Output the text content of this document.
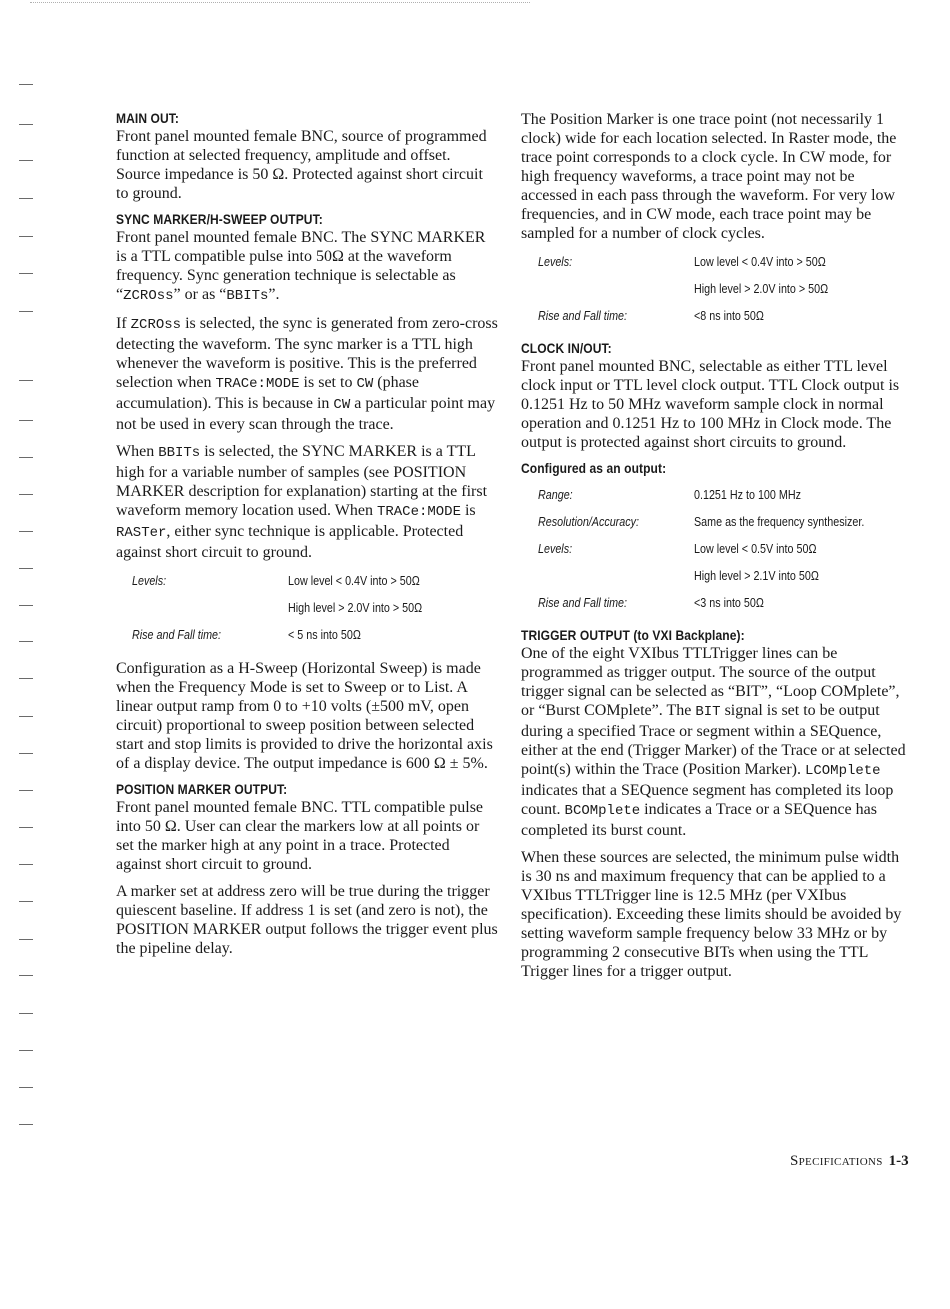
MAIN OUT:

Front panel mounted female BNC, source of programmed function at selected frequency, amplitude and offset. Source impedance is 50 Ω. Protected against short circuit to ground.

SYNC MARKER/H-SWEEP OUTPUT:

Front panel mounted female BNC. The SYNC MARKER is a TTL compatible pulse into 50Ω at the waveform frequency. Sync generation technique is selectable as “ZCROss” or as “BBITs”.

If ZCROss is selected, the sync is generated from zero-cross detecting the waveform. The sync marker is a TTL high whenever the waveform is positive. This is the preferred selection when TRACe:MODE is set to CW (phase accumulation). This is because in CW a particular point may not be used in every scan through the trace.

When BBITs is selected, the SYNC MARKER is a TTL high for a variable number of samples (see POSITION MARKER description for explanation) starting at the first waveform memory location used. When TRACe:MODE is RASTer, either sync technique is applicable. Protected against short circuit to ground.

Levels:	Low level < 0.4V into > 50Ω
High level > 2.0V into > 50Ω
Rise and Fall time:	< 5 ns into 50Ω

Configuration as a H-Sweep (Horizontal Sweep) is made when the Frequency Mode is set to Sweep or to List. A linear output ramp from 0 to +10 volts (±500 mV, open circuit) proportional to sweep position between selected start and stop limits is provided to drive the horizontal axis of a display device. The output impedance is 600 Ω ± 5%.

POSITION MARKER OUTPUT:

Front panel mounted female BNC. TTL compatible pulse into 50 Ω. User can clear the markers low at all points or set the marker high at any point in a trace. Protected against short circuit to ground.

A marker set at address zero will be true during the trigger quiescent baseline. If address 1 is set (and zero is not), the POSITION MARKER output follows the trigger event plus the pipeline delay.

The Position Marker is one trace point (not necessarily 1 clock) wide for each location selected. In Raster mode, the trace point corresponds to a clock cycle. In CW mode, for high frequency waveforms, a trace point may not be accessed in each pass through the waveform. For very low frequencies, and in CW mode, each trace point may be sampled for a number of clock cycles.

Levels:	Low level < 0.4V into > 50Ω
High level > 2.0V into > 50Ω
Rise and Fall time:	<8 ns into 50Ω
CLOCK IN/OUT:

Front panel mounted BNC, selectable as either TTL level clock input or TTL level clock output. TTL Clock output is 0.1251 Hz to 50 MHz waveform sample clock in normal operation and 0.1251 Hz to 100 MHz in Clock mode. The output is protected against short circuits to ground.

Configured as an output:
Range:	0.1251 Hz to 100 MHz
Resolution/Accuracy:	Same as the frequency synthesizer.
Levels:	Low level < 0.5V into 50Ω
High level > 2.1V into 50Ω
Rise and Fall time:	<3 ns into 50Ω
TRIGGER OUTPUT (to VXI Backplane):

One of the eight VXIbus TTLTrigger lines can be programmed as trigger output. The source of the output trigger signal can be selected as “BIT”, “Loop COMplete”, or “Burst COMplete”. The BIT signal is set to be output during a specified Trace or segment within a SEQuence, either at the end (Trigger Marker) of the Trace or at selected point(s) within the Trace (Position Marker). LCOMplete indicates that a SEQuence segment has completed its loop count. BCOMplete indicates a Trace or a SEQuence has completed its burst count.

When these sources are selected, the minimum pulse width is 30 ns and maximum frequency that can be applied to a VXIbus TTLTrigger line is 12.5 MHz (per VXIbus specification). Exceeding these limits should be avoided by setting waveform sample frequency below 33 MHz or by programming 2 consecutive BITs when using the TTL Trigger lines for a trigger output.

Specifications 1-3
